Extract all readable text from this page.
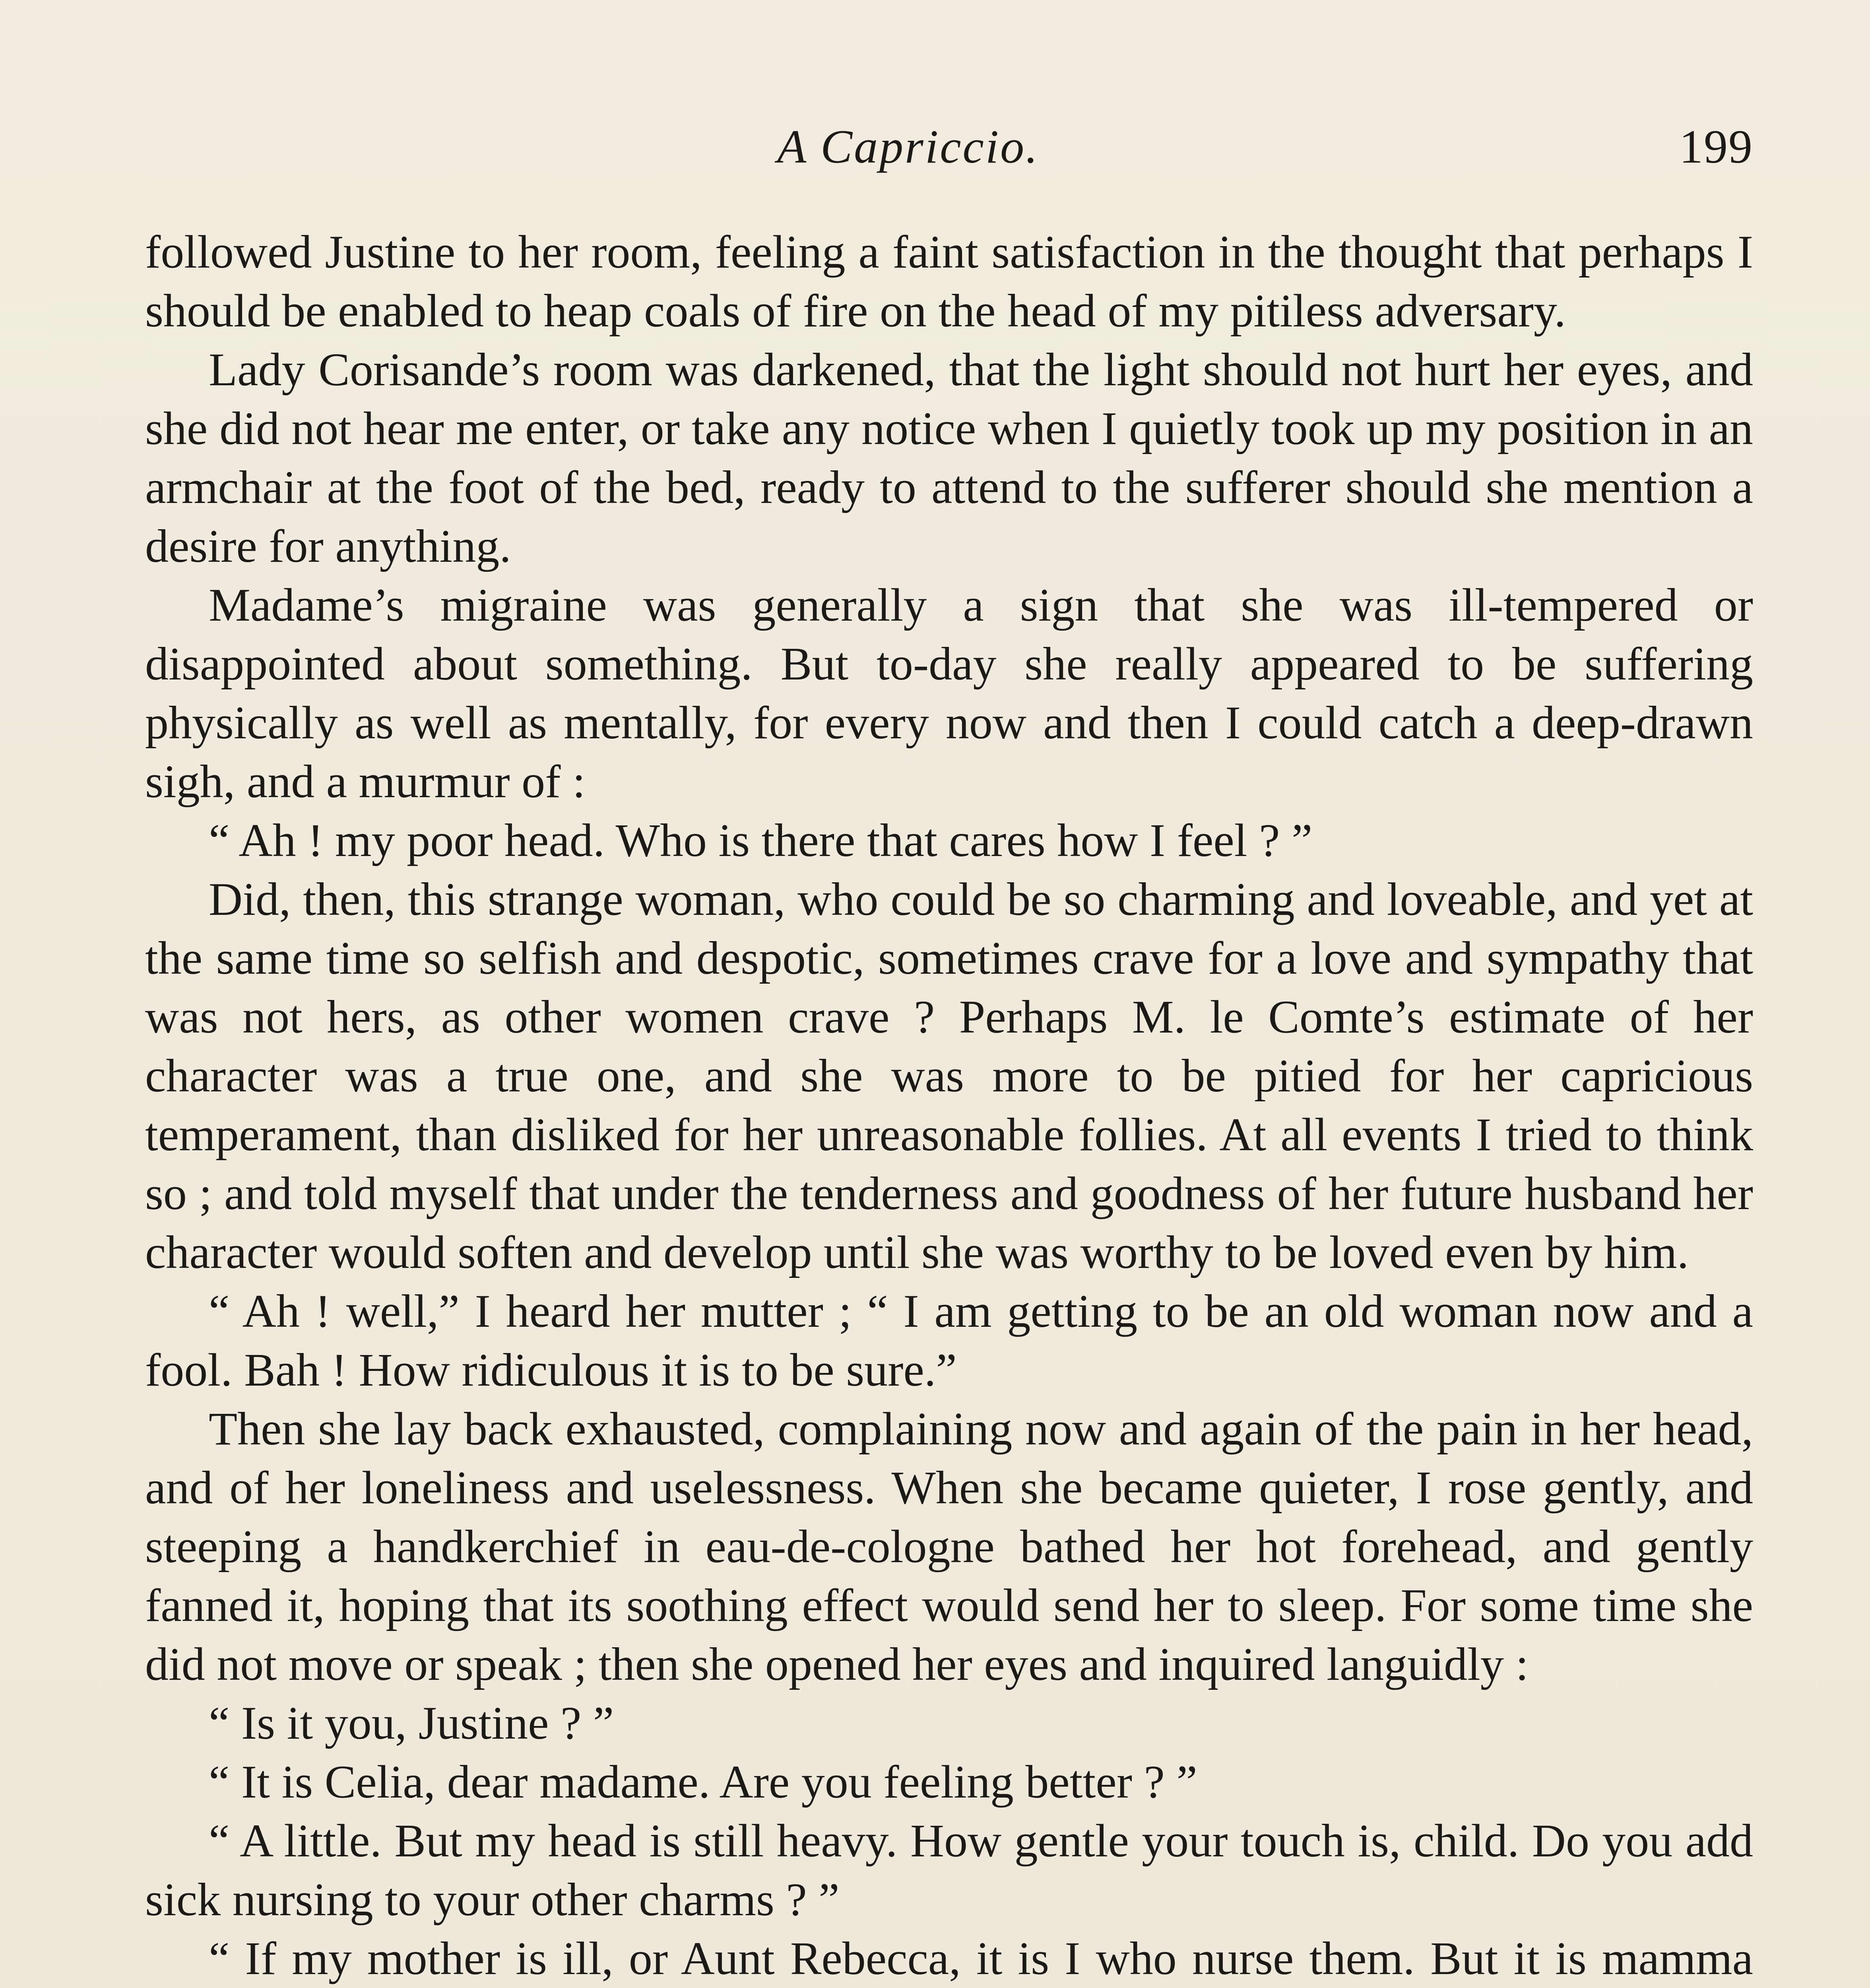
A Capriccio.	199

followed Justine to her room, feeling a faint satisfaction in the thought that perhaps I should be enabled to heap coals of fire on the head of my pitiless adversary.

Lady Corisande’s room was darkened, that the light should not hurt her eyes, and she did not hear me enter, or take any notice when I quietly took up my position in an armchair at the foot of the bed, ready to attend to the sufferer should she mention a desire for anything.

Madame’s migraine was generally a sign that she was ill-tempered or disappointed about something. But to-day she really appeared to be suffering physically as well as mentally, for every now and then I could catch a deep-drawn sigh, and a murmur of :

“ Ah ! my poor head. Who is there that cares how I feel ? ”

Did, then, this strange woman, who could be so charming and loveable, and yet at the same time so selfish and despotic, sometimes crave for a love and sympathy that was not hers, as other women crave ? Perhaps M. le Comte’s estimate of her character was a true one, and she was more to be pitied for her capricious temperament, than disliked for her unreasonable follies. At all events I tried to think so ; and told myself that under the tenderness and goodness of her future husband her character would soften and develop until she was worthy to be loved even by him.

“ Ah ! well,” I heard her mutter ; “ I am getting to be an old woman now and a fool. Bah ! How ridiculous it is to be sure.”

Then she lay back exhausted, complaining now and again of the pain in her head, and of her loneliness and uselessness. When she became quieter, I rose gently, and steeping a handkerchief in eau-de-cologne bathed her hot forehead, and gently fanned it, hoping that its soothing effect would send her to sleep. For some time she did not move or speak ; then she opened her eyes and inquired languidly :

“ Is it you, Justine ? ”

“ It is Celia, dear madame. Are you feeling better ? ”

“ A little. But my head is still heavy. How gentle your touch is, child. Do you add sick nursing to your other charms ? ”

“ If my mother is ill, or Aunt Rebecca, it is I who nurse them. But it is mamma
